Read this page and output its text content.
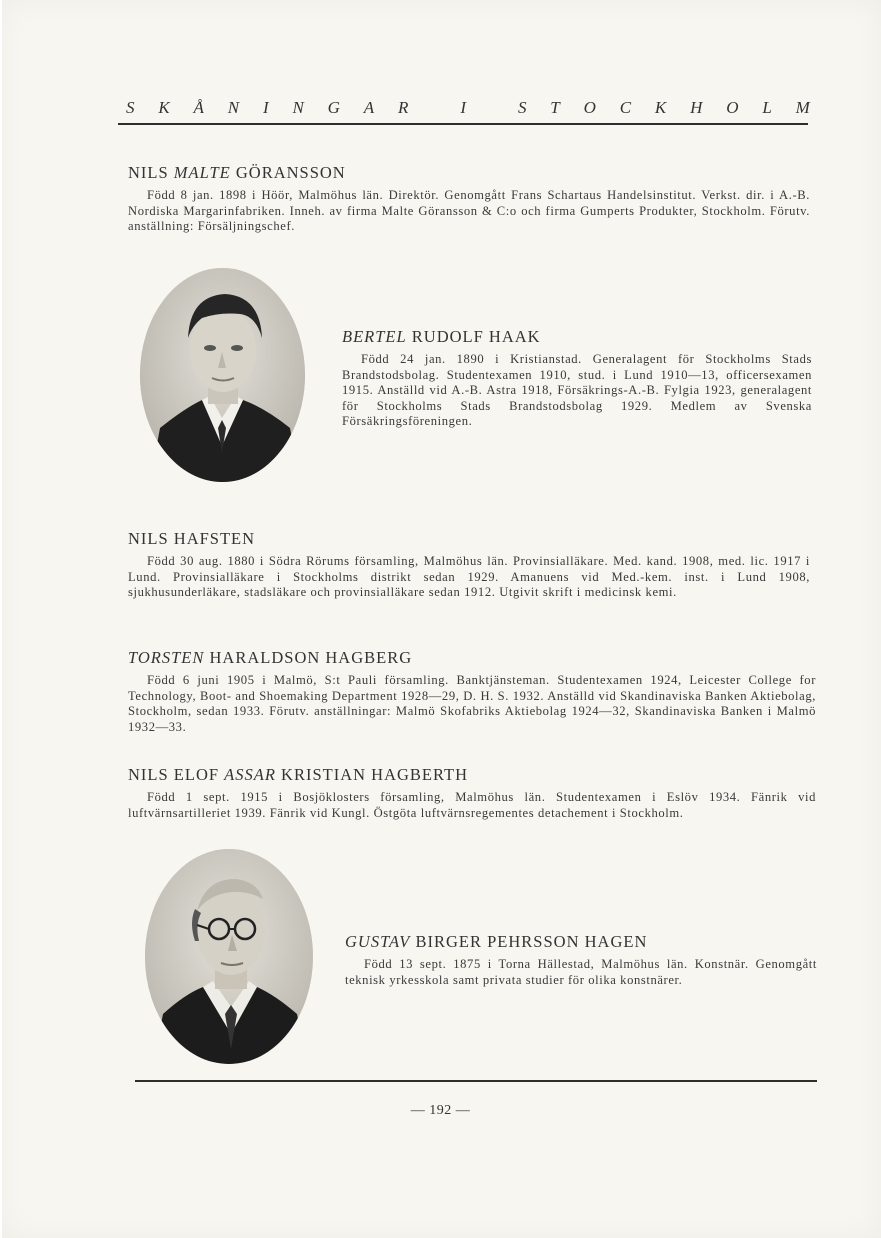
S K Å N I N G A R
	I
	S T O C K H O L M
NILS MALTE GÖRANSSON

Född 8 jan. 1898 i Höör, Malmöhus län. Direktör. Genomgått Frans Schartaus Handelsinstitut. Verkst. dir. i A.-B. Nordiska Margarinfabriken. Inneh. av firma Malte Göransson & C:o och firma Gumperts Produkter, Stockholm. Förutv. anställning: Försäljningschef.

BERTEL RUDOLF HAAK

Född 24 jan. 1890 i Kristianstad. Generalagent för Stockholms Stads Brandstodsbolag. Studentexamen 1910, stud. i Lund 1910—13, officersexamen 1915. Anställd vid A.-B. Astra 1918, Försäkrings-A.-B. Fylgia 1923, generalagent för Stockholms Stads Brandstodsbolag 1929. Medlem av Svenska Försäkringsföreningen.

NILS HAFSTEN

Född 30 aug. 1880 i Södra Rörums församling, Malmöhus län. Provinsialläkare. Med. kand. 1908, med. lic. 1917 i Lund. Provinsialläkare i Stockholms distrikt sedan 1929. Amanuens vid Med.-kem. inst. i Lund 1908, sjukhusunderläkare, stadsläkare och provinsialläkare sedan 1912. Utgivit skrift i medicinsk kemi.

TORSTEN HARALDSON HAGBERG

Född 6 juni 1905 i Malmö, S:t Pauli församling. Banktjänsteman. Studentexamen 1924, Leicester College for Technology, Boot- and Shoemaking Department 1928—29, D. H. S. 1932. Anställd vid Skandinaviska Banken Aktiebolag, Stockholm, sedan 1933. Förutv. anställningar: Malmö Skofabriks Aktiebolag 1924—32, Skandinaviska Banken i Malmö 1932—33.

NILS ELOF ASSAR KRISTIAN HAGBERTH

Född 1 sept. 1915 i Bosjöklosters församling, Malmöhus län. Studentexamen i Eslöv 1934. Fänrik vid luftvärnsartilleriet 1939. Fänrik vid Kungl. Östgöta luftvärnsregementes detachement i Stockholm.

GUSTAV BIRGER PEHRSSON HAGEN

Född 13 sept. 1875 i Torna Hällestad, Malmöhus län. Konstnär. Genomgått teknisk yrkesskola samt privata studier för olika konstnärer.

— 192 —
